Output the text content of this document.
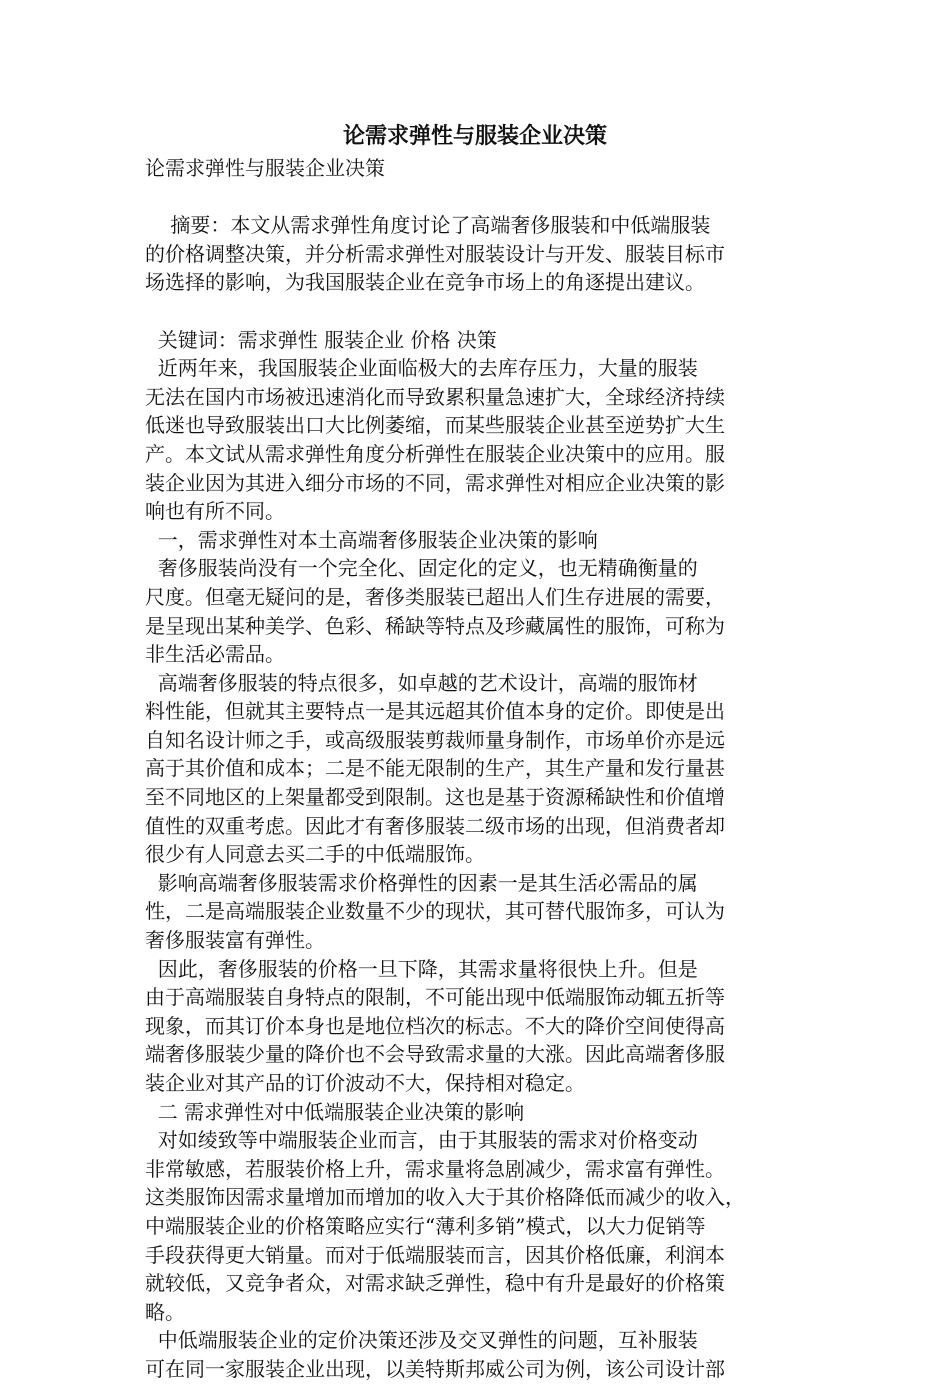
论需求弹性与服装企业决策
论需求弹性与服装企业决策
摘要：本文从需求弹性角度讨论了高端奢侈服装和中低端服装
的价格调整决策，并分析需求弹性对服装设计与开发、服装目标市
场选择的影响，为我国服装企业在竞争市场上的角逐提出建议。
关键词：需求弹性 服装企业 价格 决策
近两年来，我国服装企业面临极大的去库存压力，大量的服装
无法在国内市场被迅速消化而导致累积量急速扩大，全球经济持续
低迷也导致服装出口大比例萎缩，而某些服装企业甚至逆势扩大生
产。本文试从需求弹性角度分析弹性在服装企业决策中的应用。服
装企业因为其进入细分市场的不同，需求弹性对相应企业决策的影
响也有所不同。
一，需求弹性对本土高端奢侈服装企业决策的影响
奢侈服装尚没有一个完全化、固定化的定义，也无精确衡量的
尺度。但毫无疑问的是，奢侈类服装已超出人们生存进展的需要，
是呈现出某种美学、色彩、稀缺等特点及珍藏属性的服饰，可称为
非生活必需品。
高端奢侈服装的特点很多，如卓越的艺术设计，高端的服饰材
料性能，但就其主要特点一是其远超其价值本身的定价。即使是出
自知名设计师之手，或高级服装剪裁师量身制作，市场单价亦是远
高于其价值和成本；二是不能无限制的生产，其生产量和发行量甚
至不同地区的上架量都受到限制。这也是基于资源稀缺性和价值增
值性的双重考虑。因此才有奢侈服装二级市场的出现，但消费者却
很少有人同意去买二手的中低端服饰。
影响高端奢侈服装需求价格弹性的因素一是其生活必需品的属
性，二是高端服装企业数量不少的现状，其可替代服饰多，可认为
奢侈服装富有弹性。
因此，奢侈服装的价格一旦下降，其需求量将很快上升。但是
由于高端服装自身特点的限制，不可能出现中低端服饰动辄五折等
现象，而其订价本身也是地位档次的标志。不大的降价空间使得高
端奢侈服装少量的降价也不会导致需求量的大涨。因此高端奢侈服
装企业对其产品的订价波动不大，保持相对稳定。
二 需求弹性对中低端服装企业决策的影响
对如绫致等中端服装企业而言，由于其服装的需求对价格变动
非常敏感，若服装价格上升，需求量将急剧减少，需求富有弹性。
这类服饰因需求量增加而增加的收入大于其价格降低而减少的收入，
中端服装企业的价格策略应实行“薄利多销”模式，以大力促销等
手段获得更大销量。而对于低端服装而言，因其价格低廉，利润本
就较低，又竞争者众，对需求缺乏弹性，稳中有升是最好的价格策
略。
中低端服装企业的定价决策还涉及交叉弹性的问题，互补服装
可在同一家服装企业出现，以美特斯邦威公司为例，该公司设计部
